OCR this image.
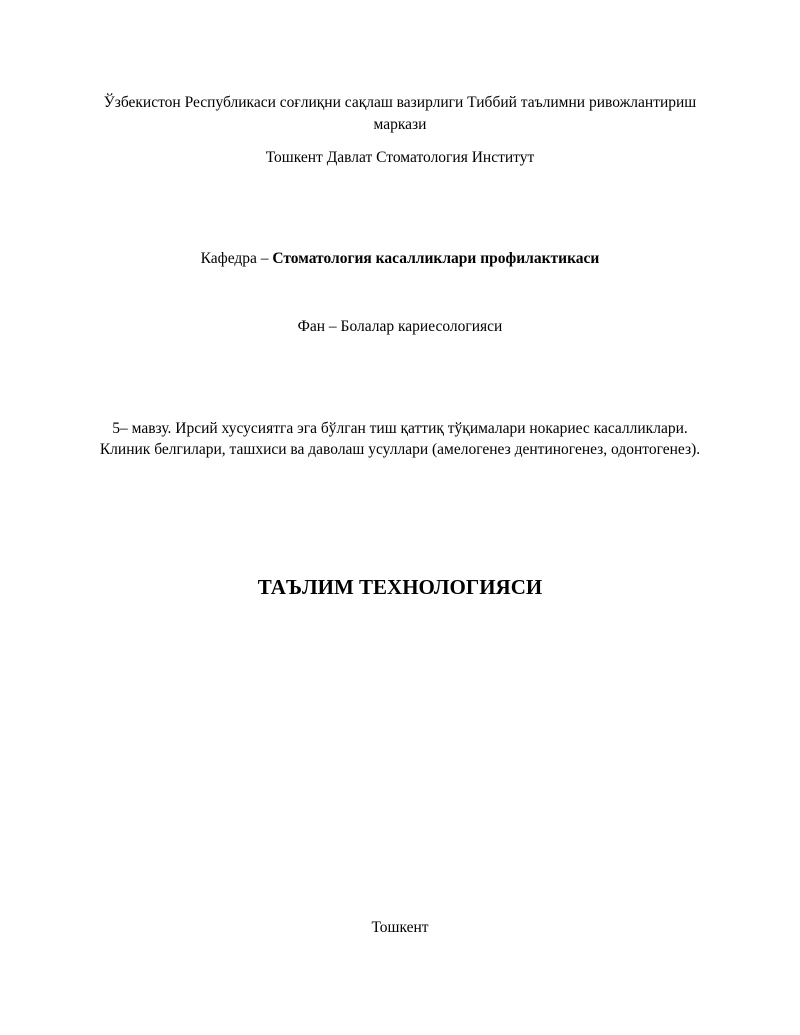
Ўзбекистон Республикаси соғлиқни сақлаш вазирлиги Тиббий таълимни ривожлантириш
маркази
Тошкент Давлат Стоматология Институт
Кафедра – Стоматология касалликлари профилактикаси
Фан – Болалар кариесологияси
5– мавзу. Ирсий хусусиятга эга бўлган тиш қаттиқ тўқималари нокариес касалликлари.
Клиник белгилари, ташхиси ва даволаш усуллари (амелогенез дентиногенез, одонтогенез).
ТАЪЛИМ ТЕХНОЛОГИЯСИ
Тошкент
